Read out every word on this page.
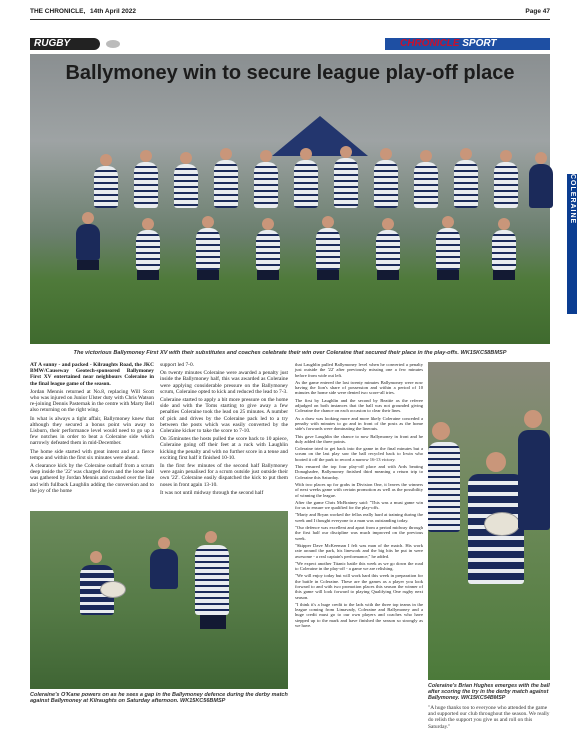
THE CHRONICLE, 14th April 2022	Page 47
RUGBY	CHRONICLE SPORT
Ballymoney win to secure league play-off place
COLERAINE
The victorious Ballymoney First XV with their substitutes and coaches celebrate their win over Coleraine that secured their place in the play-offs. WK15KC58BMSP

AT A sunny - and packed - Kilraughts Road, the JKC BMW/Causeway Geotech-sponsored Ballymoney First XV entertained near neighbours Coleraine in the final league game of the season.

Jordan Mennis returned at No.8, replacing Will Scott who was injured on Junior Ulster duty with Chris Watson re-joining Dennis Pasternak in the centre with Marty Bell also returning on the right wing.

In what is always a tight affair, Ballymoney knew that although they secured a bonus point win away to Lisburn, their performance level would need to go up a few notches in order to beat a Coleraine side which narrowly defeated them in mid-December.

The home side started with great intent and at a fierce tempo and within the first six minutes were ahead.

A clearance kick by the Coleraine outhalf from a scrum deep inside the '22' was charged down and the loose ball was gathered by Jordan Mennis and crashed over the line and with fullback Laughlin adding the conversion and to the joy of the home

support led 7-0.

On twenty minutes Coleraine were awarded a penalty just inside the Ballymoney half, this was awarded as Coleraine were applying considerable pressure on the Ballymoney scrum, Coleraine opted to kick and reduced the lead to 7-3.

Coleraine started to apply a bit more pressure on the home side and with the Toms starting to give away a few penalties Coleraine took the lead on 25 minutes. A number of pick and drives by the Coleraine pack led to a try between the posts which was easily converted by the Coleraine kicker to take the score to 7-10.

On 35minutes the hosts pulled the score back to 10 apiece, Coleraine going off their feet at a ruck with Laughlin kicking the penalty and with no further score in a tense and exciting first half it finished 10-10.

In the first few minutes of the second half Ballymoney were again penalised for a scrum outside just outside their own '22'. Coleraine easily dispatched the kick to put them noses in front again 13-10.

It was not until midway through the second half

that Laughlin pulled Ballymoney level when he converted a penalty just outside the '22' after previously missing one a few minutes before from wide out left.

As the game entered the last twenty minutes Ballymoney were now having the lion's share of possession and within a period of 10 minutes the home side were denied two score-all tries.

The first by Laughlin and the second by Beattie as the referee adjudged on both instances that the ball was not grounded giving Coleraine the chance on each occasion to clear their lines.

As a draw was looking more and more likely Coleraine conceded a penalty with minutes to go and in front of the posts as the home side's forwards were dominating the lineouts.

This gave Laughlin the chance to now Ballymoney in front and he duly added the three points.

Coleraine tried to get back into the game in the final minutes but a scrum on the last play saw the ball recycled back to Irwin who booted it off the park to record a narrow 16-13 victory.

This ensured the top four play-off place and with Ards beating Donaghadee, Ballymoney finished third meaning a return trip to Coleraine this Saturday.

With two places up for grabs in Division One, it leaves the winners of next weeks game with certain promotion as well as the possibility of winning the league.

After the game Chris McBratney said: "This was a must game win for us to ensure we qualified for the play-offs.

"Marty and Bryan worked the fellas really hard at training during the week and I thought everyone to a man was outstanding today.

"Our defence was excellent and apart from a period midway through the first half our discipline was much improved on the previous week.

"Skipper Dave McKeeman I felt was man of the match. His work rate around the park, his linework and the big hits he put in were awesome - a real captain's performance," he added.

"We expect another Titanic battle this week as we go down the road to Coleraine in the play-off - a game we are relishing.

"We will enjoy today but will work hard this week in preparation for the battle in Coleraine. These are the games as a player you look forward to and with two promotion places this season the winner of this game will look forward to playing Qualifying One rugby next season.

"I think it's a huge credit to the lads with the three top teams in the league coming from Limavady, Coleraine and Ballymoney and a huge credit must go to our own players and coaches who have stepped up to the mark and have finished the season so strongly as we have.

Coleraine's O'Kane powers on as he sees a gap in the Ballymoney defence during the derby match against Ballymoney at Kilraughts on Saturday afternoon. WK15KC56BMSP
Coleraine's Brian Hughes emerges with the ball after scoring the try in the derby match against Ballymoney. WK15KC54BMSP
"A huge thanks too to everyone who attended the game and supported our club throughout the season. We really do relish the support you give us and roll on this Saturday."
